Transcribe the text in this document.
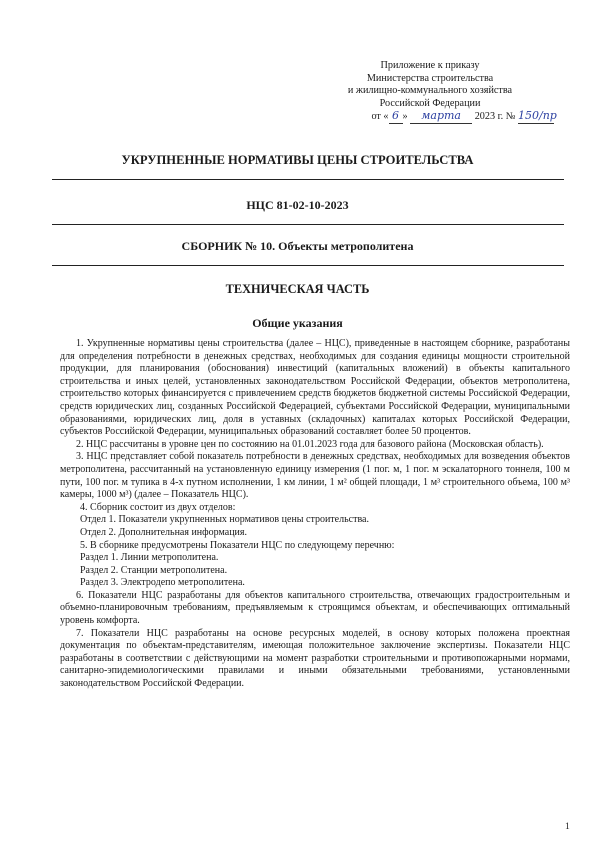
Приложение к приказу
Министерства строительства
и жилищно-коммунального хозяйства
Российской Федерации
от « 6 » марта 2023 г. № 150/пр
УКРУПНЕННЫЕ НОРМАТИВЫ ЦЕНЫ СТРОИТЕЛЬСТВА
НЦС 81-02-10-2023
СБОРНИК № 10. Объекты метрополитена
ТЕХНИЧЕСКАЯ ЧАСТЬ
Общие указания

1. Укрупненные нормативы цены строительства (далее – НЦС), приведенные в настоящем сборнике, разработаны для определения потребности в денежных средствах, необходимых для создания единицы мощности строительной продукции, для планирования (обоснования) инвестиций (капитальных вложений) в объекты капитального строительства и иных целей, установленных законодательством Российской Федерации, объектов метрополитена, строительство которых финансируется с привлечением средств бюджетов бюджетной системы Российской Федерации, средств юридических лиц, созданных Российской Федерацией, субъектами Российской Федерации, муниципальными образованиями, юридических лиц, доля в уставных (складочных) капиталах которых Российской Федерации, субъектов Российской Федерации, муниципальных образований составляет более 50 процентов.

2. НЦС рассчитаны в уровне цен по состоянию на 01.01.2023 года для базового района (Московская область).

3. НЦС представляет собой показатель потребности в денежных средствах, необходимых для возведения объектов метрополитена, рассчитанный на установленную единицу измерения (1 пог. м, 1 пог. м эскалаторного тоннеля, 100 м пути, 100 пог. м тупика в 4-х путном исполнении, 1 км линии, 1 м² общей площади, 1 м³ строительного объема, 100 м³ камеры, 1000 м³) (далее – Показатель НЦС).

4. Сборник состоит из двух отделов:

Отдел 1. Показатели укрупненных нормативов цены строительства.

Отдел 2. Дополнительная информация.

5. В сборнике предусмотрены Показатели НЦС по следующему перечню:

Раздел 1. Линии метрополитена.

Раздел 2. Станции метрополитена.

Раздел 3. Электродепо метрополитена.

6. Показатели НЦС разработаны для объектов капитального строительства, отвечающих градостроительным и объемно-планировочным требованиям, предъявляемым к строящимся объектам, и обеспечивающих оптимальный уровень комфорта.

7. Показатели НЦС разработаны на основе ресурсных моделей, в основу которых положена проектная документация по объектам-представителям, имеющая положительное заключение экспертизы. Показатели НЦС разработаны в соответствии с действующими на момент разработки строительными и противопожарными нормами, санитарно-эпидемиологическими правилами и иными обязательными требованиями, установленными законодательством Российской Федерации.

1
